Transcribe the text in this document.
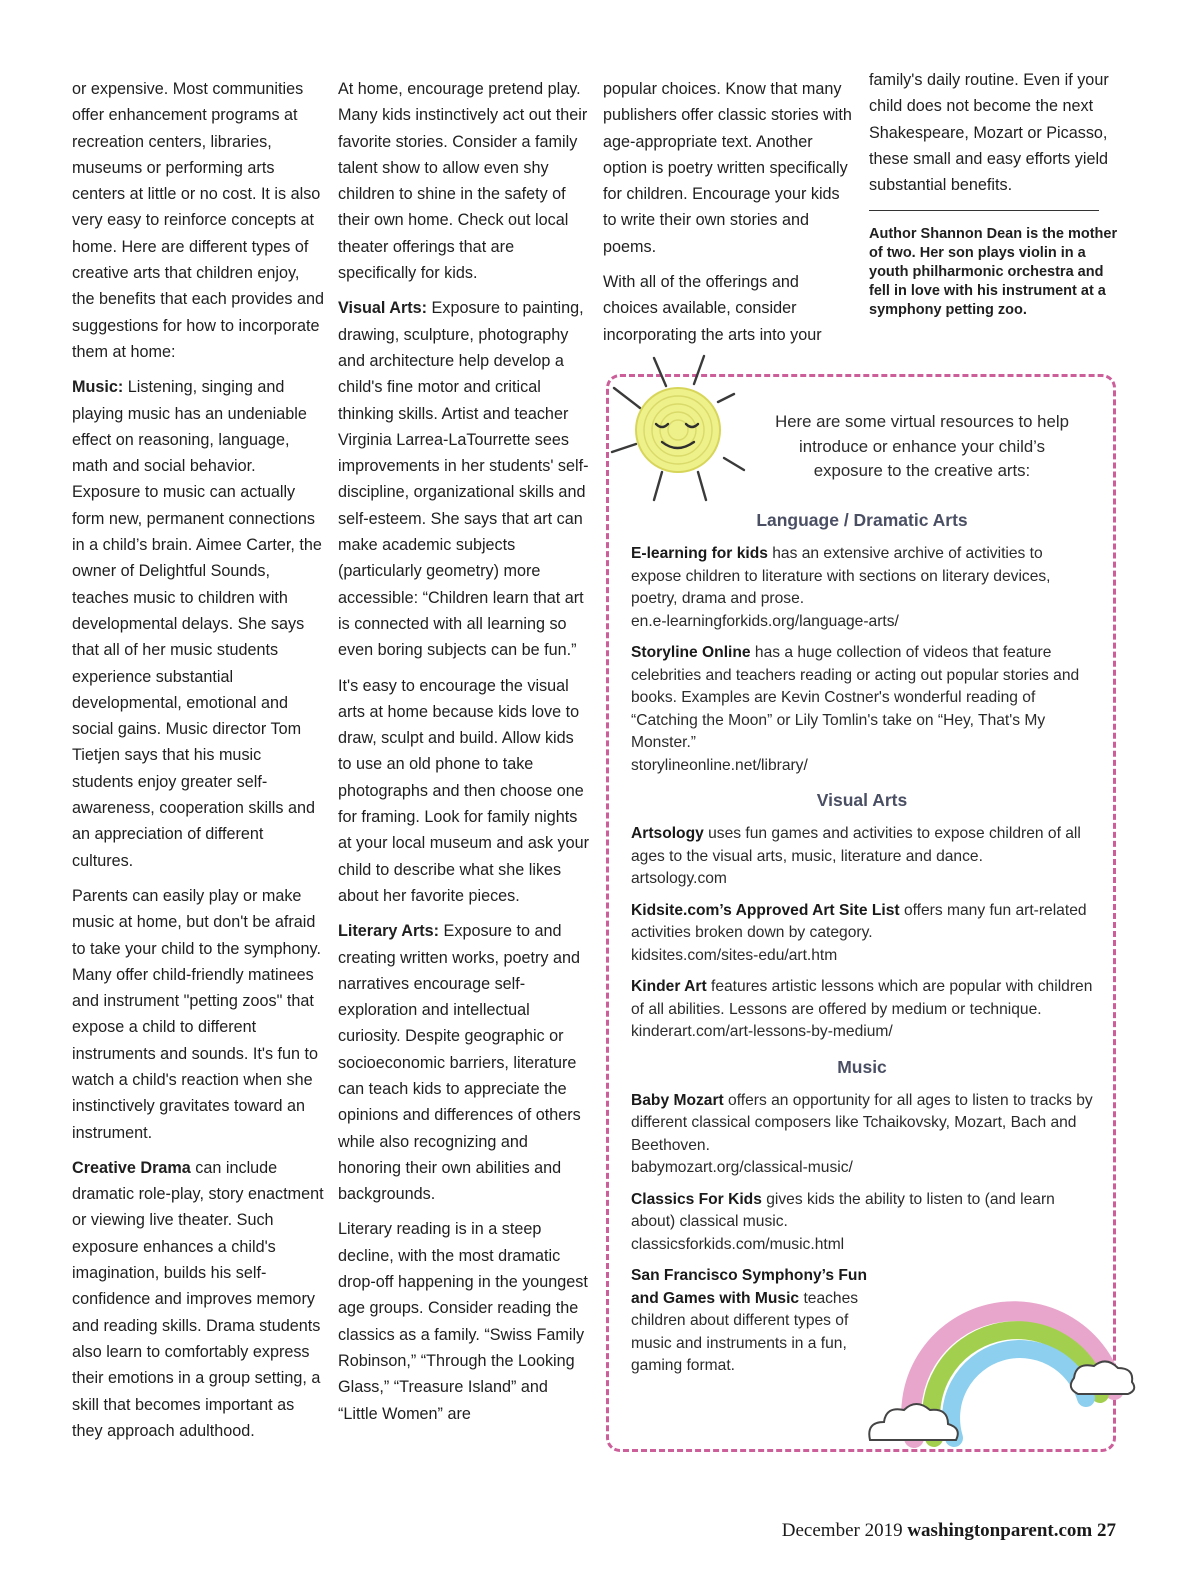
or expensive. Most communities offer enhancement programs at recreation centers, libraries, museums or performing arts centers at little or no cost. It is also very easy to reinforce concepts at home. Here are different types of creative arts that children enjoy, the benefits that each provides and suggestions for how to incorporate them at home:

Music: Listening, singing and playing music has an undeniable effect on reasoning, language, math and social behavior. Exposure to music can actually form new, permanent connections in a child’s brain. Aimee Carter, the owner of Delightful Sounds, teaches music to children with developmental delays. She says that all of her music students experience substantial developmental, emotional and social gains. Music director Tom Tietjen says that his music students enjoy greater self-awareness, cooperation skills and an appreciation of different cultures.

Parents can easily play or make music at home, but don't be afraid to take your child to the symphony. Many offer child-friendly matinees and instrument "petting zoos" that expose a child to different instruments and sounds. It's fun to watch a child's reaction when she instinctively gravitates toward an instrument.

Creative Drama can include dramatic role-play, story enactment or viewing live theater. Such exposure enhances a child's imagination, builds his self-confidence and improves memory and reading skills. Drama students also learn to comfortably express their emotions in a group setting, a skill that becomes important as they approach adulthood.

At home, encourage pretend play. Many kids instinctively act out their favorite stories. Consider a family talent show to allow even shy children to shine in the safety of their own home. Check out local theater offerings that are specifically for kids.

Visual Arts: Exposure to painting, drawing, sculpture, photography and architecture help develop a child's fine motor and critical thinking skills. Artist and teacher Virginia Larrea-LaTourrette sees improvements in her students' self-discipline, organizational skills and self-esteem. She says that art can make academic subjects (particularly geometry) more accessible: “Children learn that art is connected with all learning so even boring subjects can be fun.”

It's easy to encourage the visual arts at home because kids love to draw, sculpt and build. Allow kids to use an old phone to take photographs and then choose one for framing. Look for family nights at your local museum and ask your child to describe what she likes about her favorite pieces.

Literary Arts: Exposure to and creating written works, poetry and narratives encourage self-exploration and intellectual curiosity. Despite geographic or socioeconomic barriers, literature can teach kids to appreciate the opinions and differences of others while also recognizing and honoring their own abilities and backgrounds.

Literary reading is in a steep decline, with the most dramatic drop-off happening in the youngest age groups. Consider reading the classics as a family. “Swiss Family Robinson,” “Through the Looking Glass,” “Treasure Island” and “Little Women” are

popular choices. Know that many publishers offer classic stories with age-appropriate text. Another option is poetry written specifically for children. Encourage your kids to write their own stories and poems.

With all of the offerings and choices available, consider incorporating the arts into your

family's daily routine. Even if your child does not become the next Shakespeare, Mozart or Picasso, these small and easy efforts yield substantial benefits.

Author Shannon Dean is the mother of two. Her son plays violin in a youth philharmonic orchestra and fell in love with his instrument at a symphony petting zoo.
Here are some virtual resources to help introduce or enhance your child’s exposure to the creative arts:
Language / Dramatic Arts
E-learning for kids has an extensive archive of activities to expose children to literature with sections on literary devices, poetry, drama and prose.
en.e-learningforkids.org/language-arts/
Storyline Online has a huge collection of videos that feature celebrities and teachers reading or acting out popular stories and books. Examples are Kevin Costner's wonderful reading of “Catching the Moon” or Lily Tomlin's take on “Hey, That's My Monster.”
storylineonline.net/library/
Visual Arts
Artsology uses fun games and activities to expose children of all ages to the visual arts, music, literature and dance.
artsology.com
Kidsite.com’s Approved Art Site List offers many fun art-related activities broken down by category.
kidsites.com/sites-edu/art.htm
Kinder Art features artistic lessons which are popular with children of all abilities. Lessons are offered by medium or technique.
kinderart.com/art-lessons-by-medium/
Music
Baby Mozart offers an opportunity for all ages to listen to tracks by different classical composers like Tchaikovsky, Mozart, Bach and Beethoven.
babymozart.org/classical-music/
Classics For Kids gives kids the ability to listen to (and learn about) classical music.
classicsforkids.com/music.html
San Francisco Symphony’s Fun and Games with Music teaches children about different types of music and instruments in a fun, gaming format.
December 2019 washingtonparent.com 27
